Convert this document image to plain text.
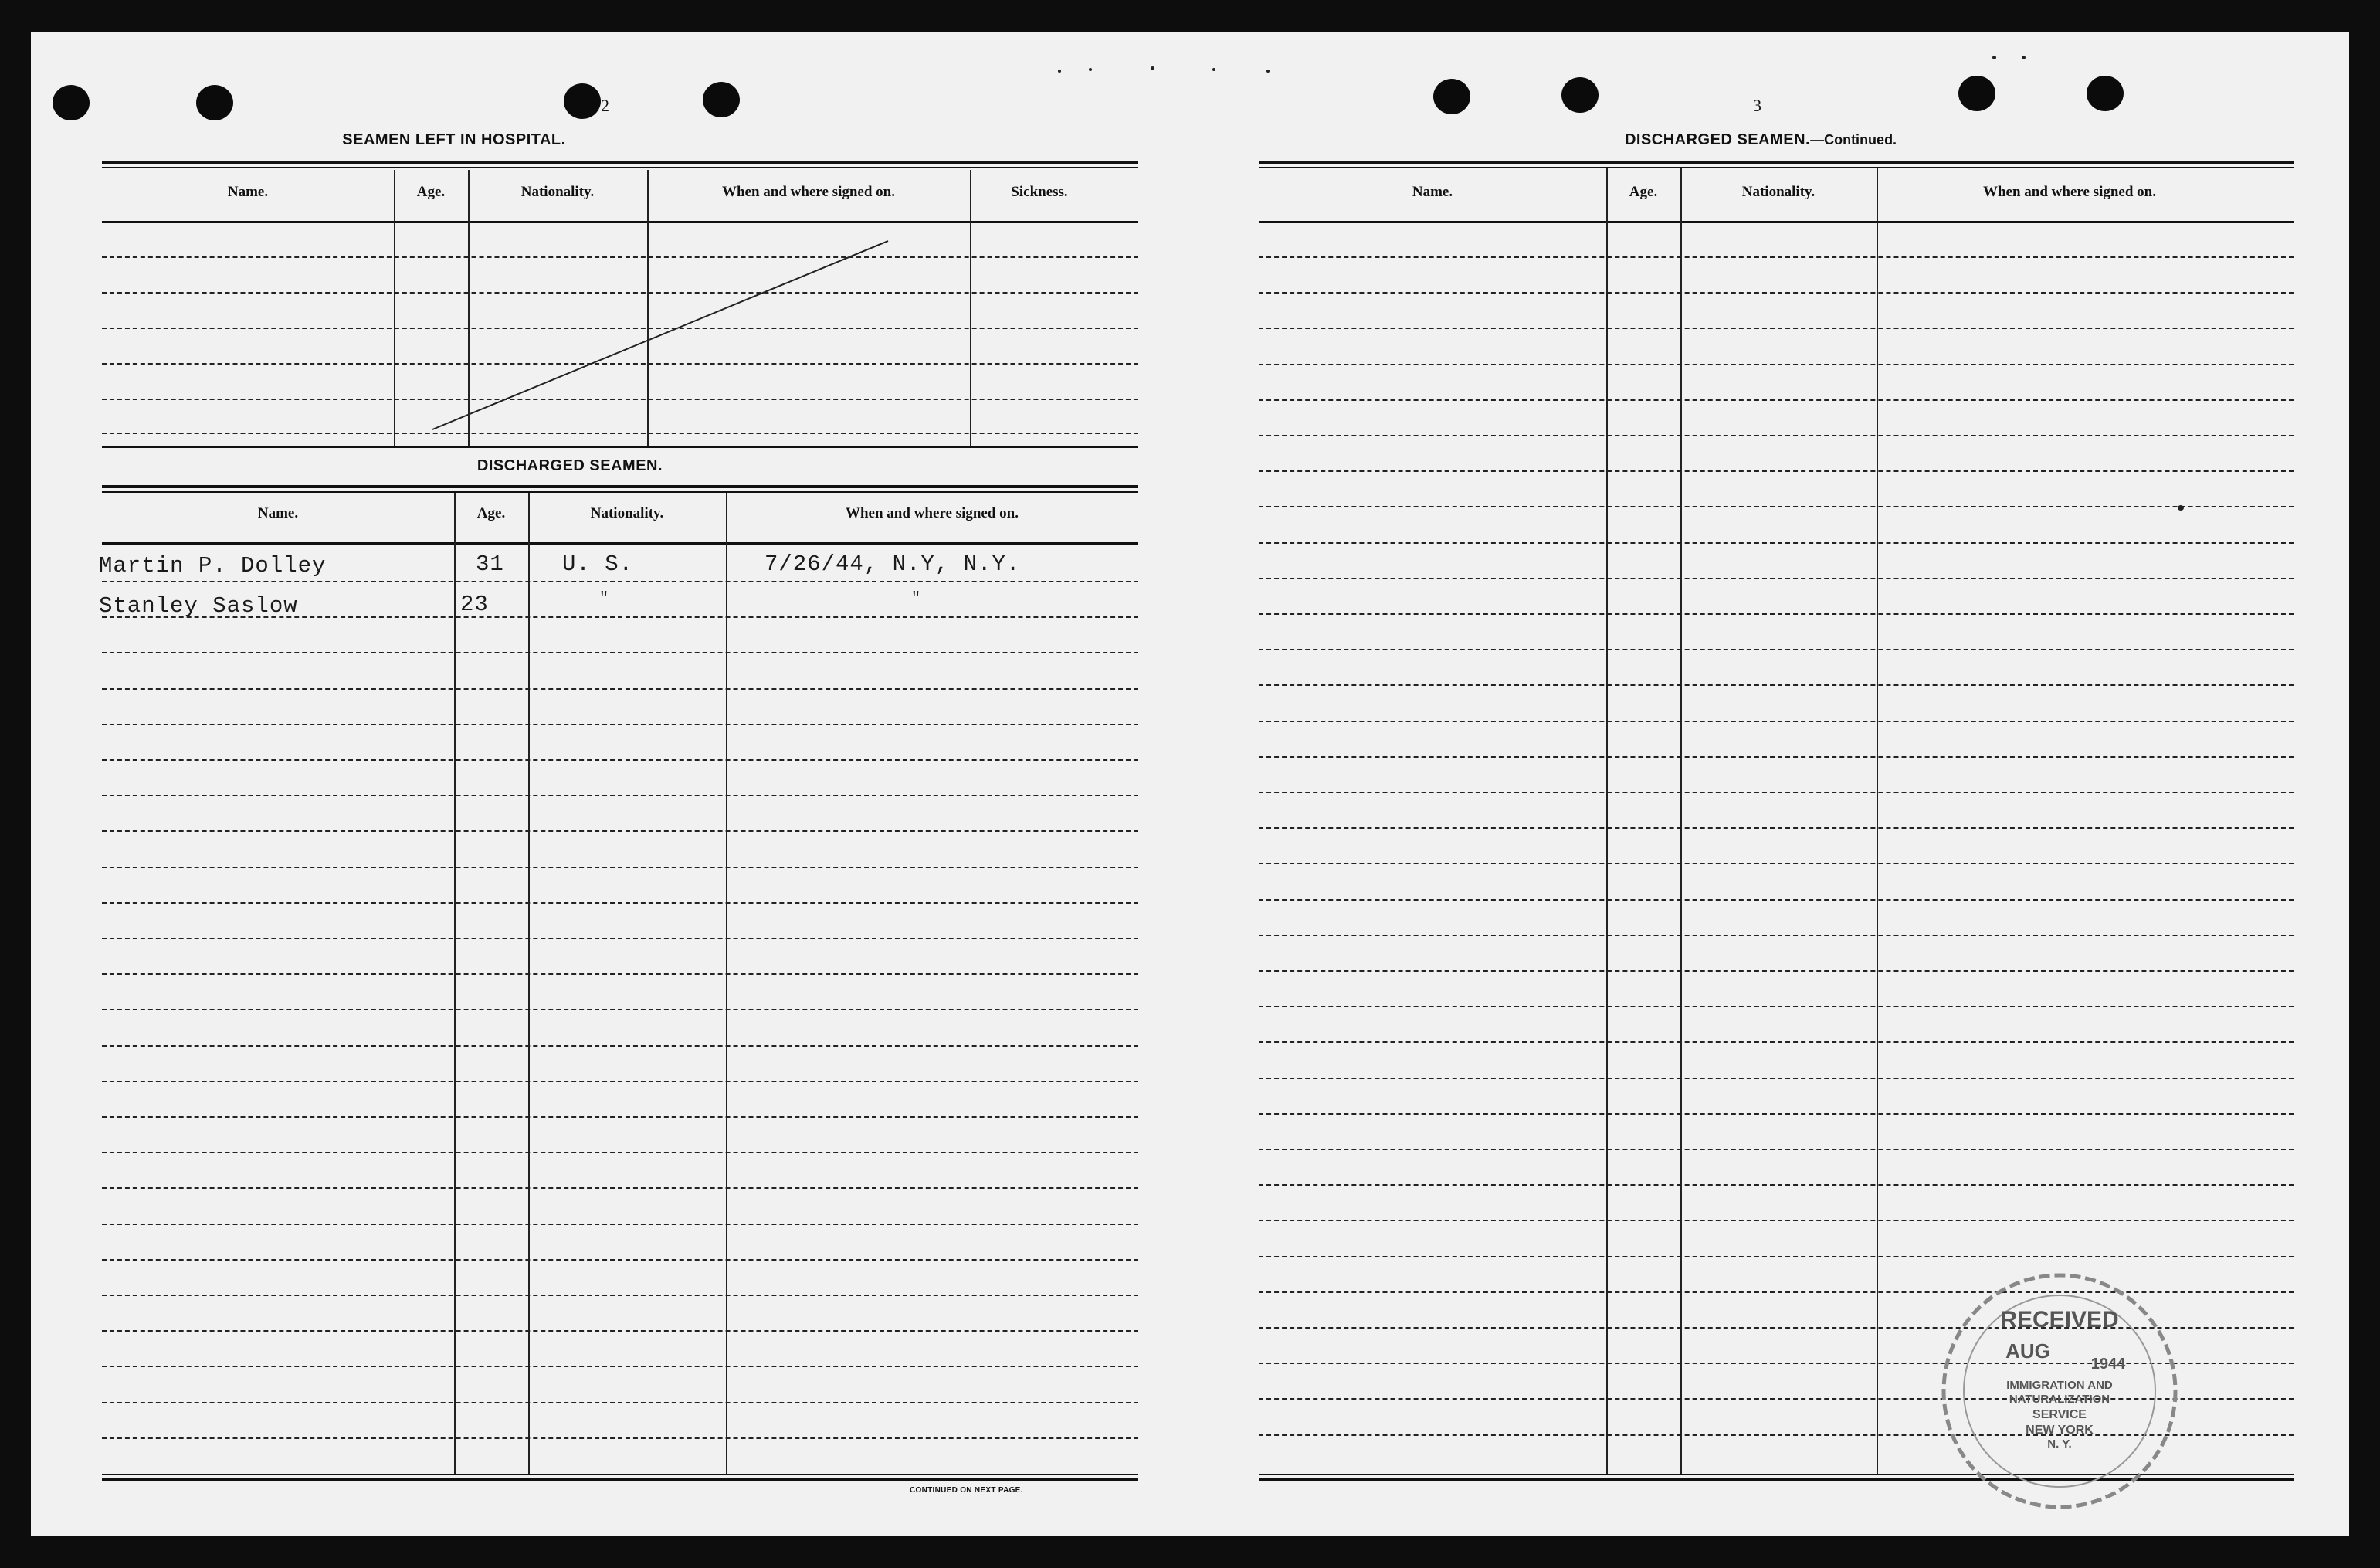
2
SEAMEN LEFT IN HOSPITAL.
Name.	Age.	Nationality.	When and where signed on.	Sickness.
DISCHARGED SEAMEN.
Name.	Age.	Nationality.	When and where signed on.
Martin P. Dolley	31	U. S.	7/26/44, N.Y, N.Y.
Stanley Saslow	23	"	"
CONTINUED ON NEXT PAGE.
3
DISCHARGED SEAMEN.—Continued.
Name.	Age.	Nationality.	When and where signed on.
RECEIVED
AUG
1944
IMMIGRATION AND
NATURALIZATION
SERVICE
NEW YORK
N. Y.
